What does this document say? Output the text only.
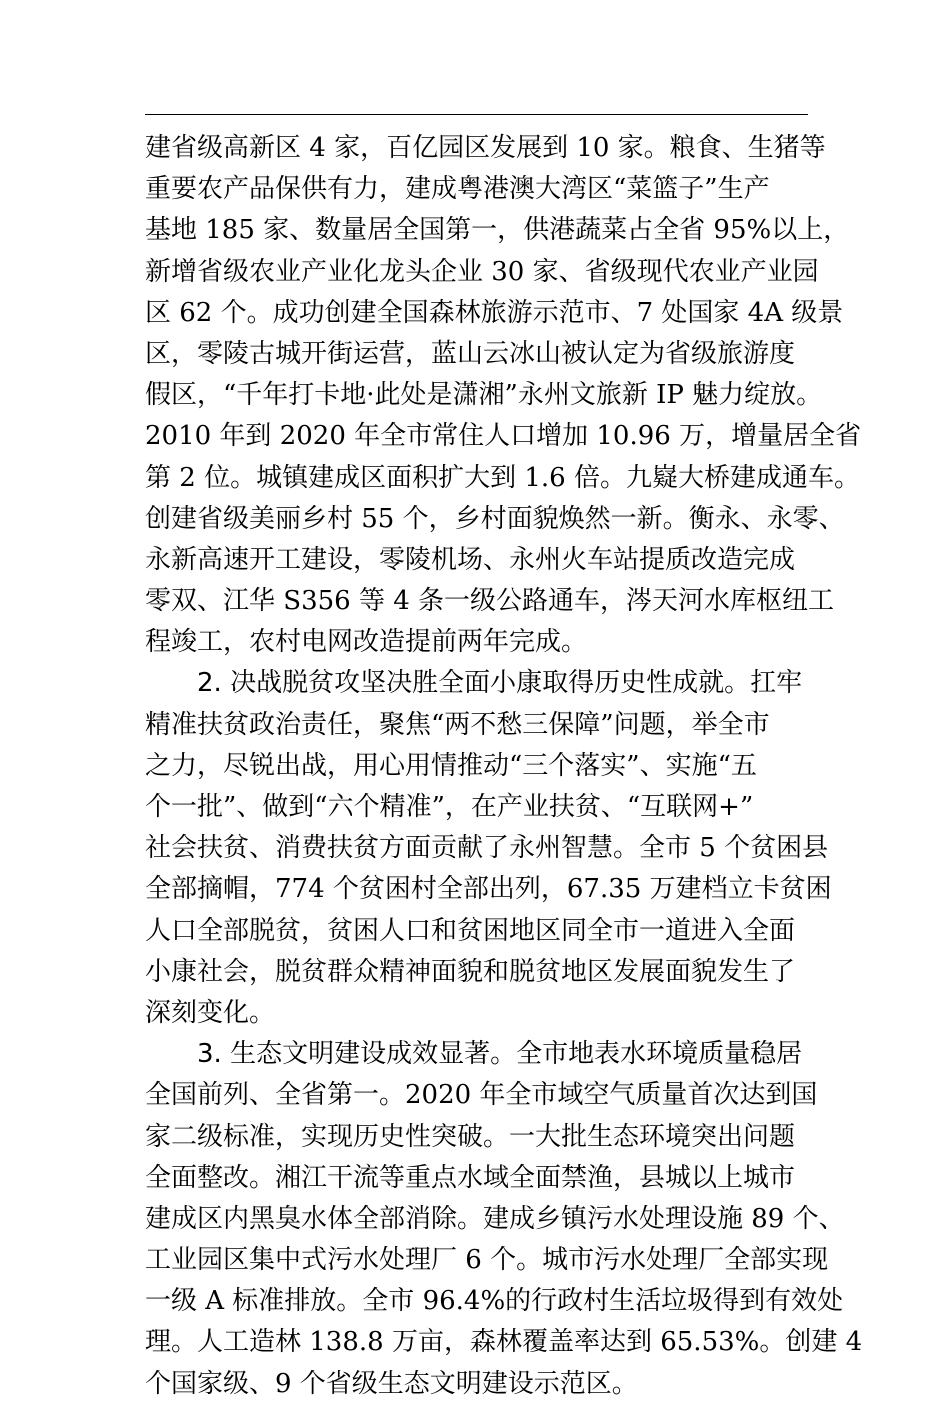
建省级高新区 4 家，百亿园区发展到 10 家。粮食、生猪等
重要农产品保供有力，建成粤港澳大湾区“菜篮子”生产
基地 185 家、数量居全国第一，供港蔬菜占全省 95%以上，
新增省级农业产业化龙头企业 30 家、省级现代农业产业园
区 62 个。成功创建全国森林旅游示范市、7 处国家 4A 级景
区，零陵古城开街运营，蓝山云冰山被认定为省级旅游度
假区，“千年打卡地·此处是潇湘”永州文旅新 IP 魅力绽放。
2010 年到 2020 年全市常住人口增加 10.96 万，增量居全省
第 2 位。城镇建成区面积扩大到 1.6 倍。九嶷大桥建成通车。
创建省级美丽乡村 55 个，乡村面貌焕然一新。衡永、永零、
永新高速开工建设，零陵机场、永州火车站提质改造完成
零双、江华 S356 等 4 条一级公路通车，涔天河水库枢纽工
程竣工，农村电网改造提前两年完成。
2. 决战脱贫攻坚决胜全面小康取得历史性成就。扛牢
精准扶贫政治责任，聚焦“两不愁三保障”问题，举全市
之力，尽锐出战，用心用情推动“三个落实”、实施“五
个一批”、做到“六个精准”，在产业扶贫、“互联网+”
社会扶贫、消费扶贫方面贡献了永州智慧。全市 5 个贫困县
全部摘帽，774 个贫困村全部出列，67.35 万建档立卡贫困
人口全部脱贫，贫困人口和贫困地区同全市一道进入全面
小康社会，脱贫群众精神面貌和脱贫地区发展面貌发生了
深刻变化。
3. 生态文明建设成效显著。全市地表水环境质量稳居
全国前列、全省第一。2020 年全市域空气质量首次达到国
家二级标准，实现历史性突破。一大批生态环境突出问题
全面整改。湘江干流等重点水域全面禁渔，县城以上城市
建成区内黑臭水体全部消除。建成乡镇污水处理设施 89 个、
工业园区集中式污水处理厂 6 个。城市污水处理厂全部实现
一级 A 标准排放。全市 96.4%的行政村生活垃圾得到有效处
理。人工造林 138.8 万亩，森林覆盖率达到 65.53%。创建 4
个国家级、9 个省级生态文明建设示范区。
